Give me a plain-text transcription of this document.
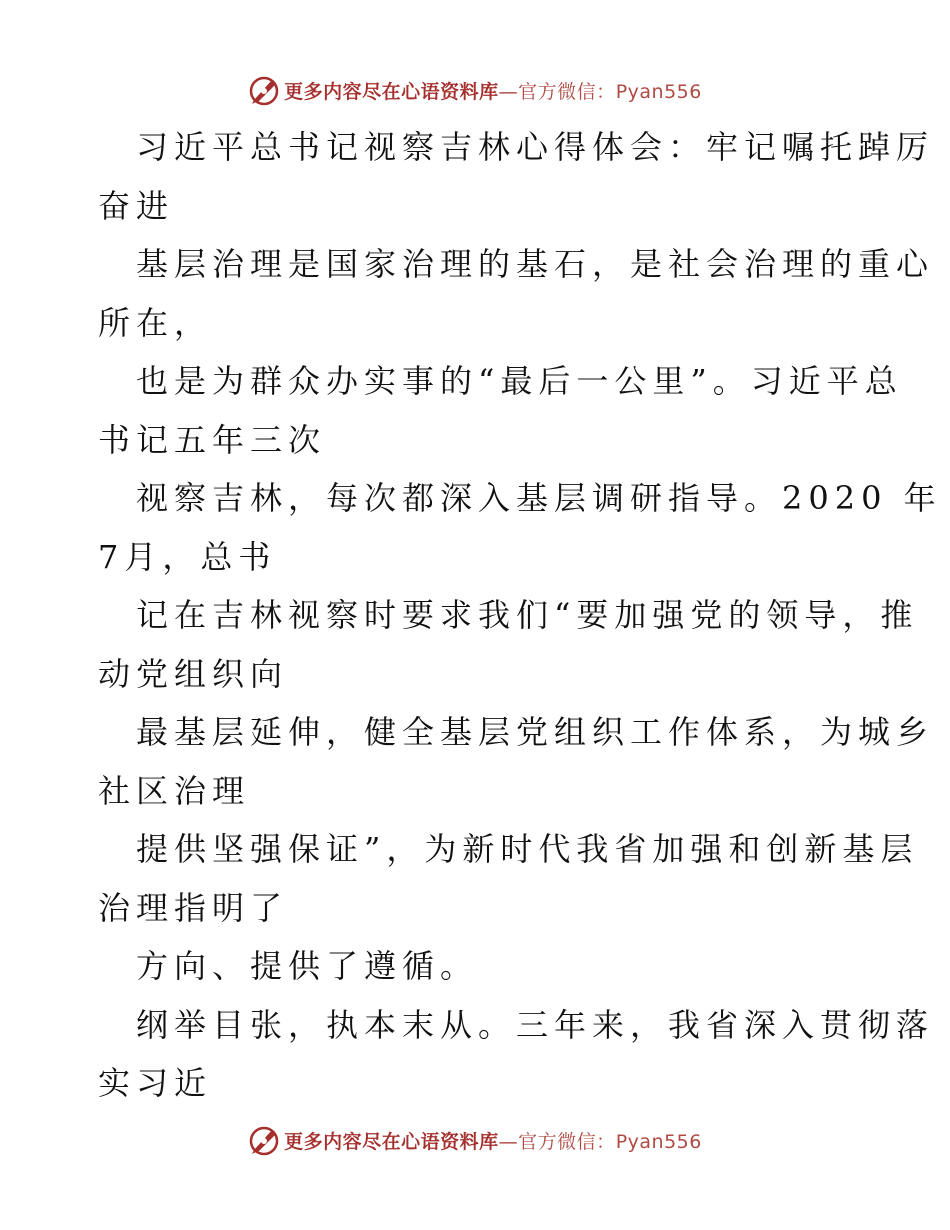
更多内容尽在心语资料库—官方微信：Pyan556
习近平总书记视察吉林心得体会：牢记嘱托踔厉
奋进
基层治理是国家治理的基石，是社会治理的重心
所在，
也是为群众办实事的“最后一公里”。习近平总
书记五年三次
视察吉林，每次都深入基层调研指导。2020 年
7月，总书
记在吉林视察时要求我们“要加强党的领导，推
动党组织向
最基层延伸，健全基层党组织工作体系，为城乡
社区治理
提供坚强保证”，为新时代我省加强和创新基层
治理指明了
方向、提供了遵循。
纲举目张，执本末从。三年来，我省深入贯彻落
实习近
更多内容尽在心语资料库—官方微信：Pyan556
